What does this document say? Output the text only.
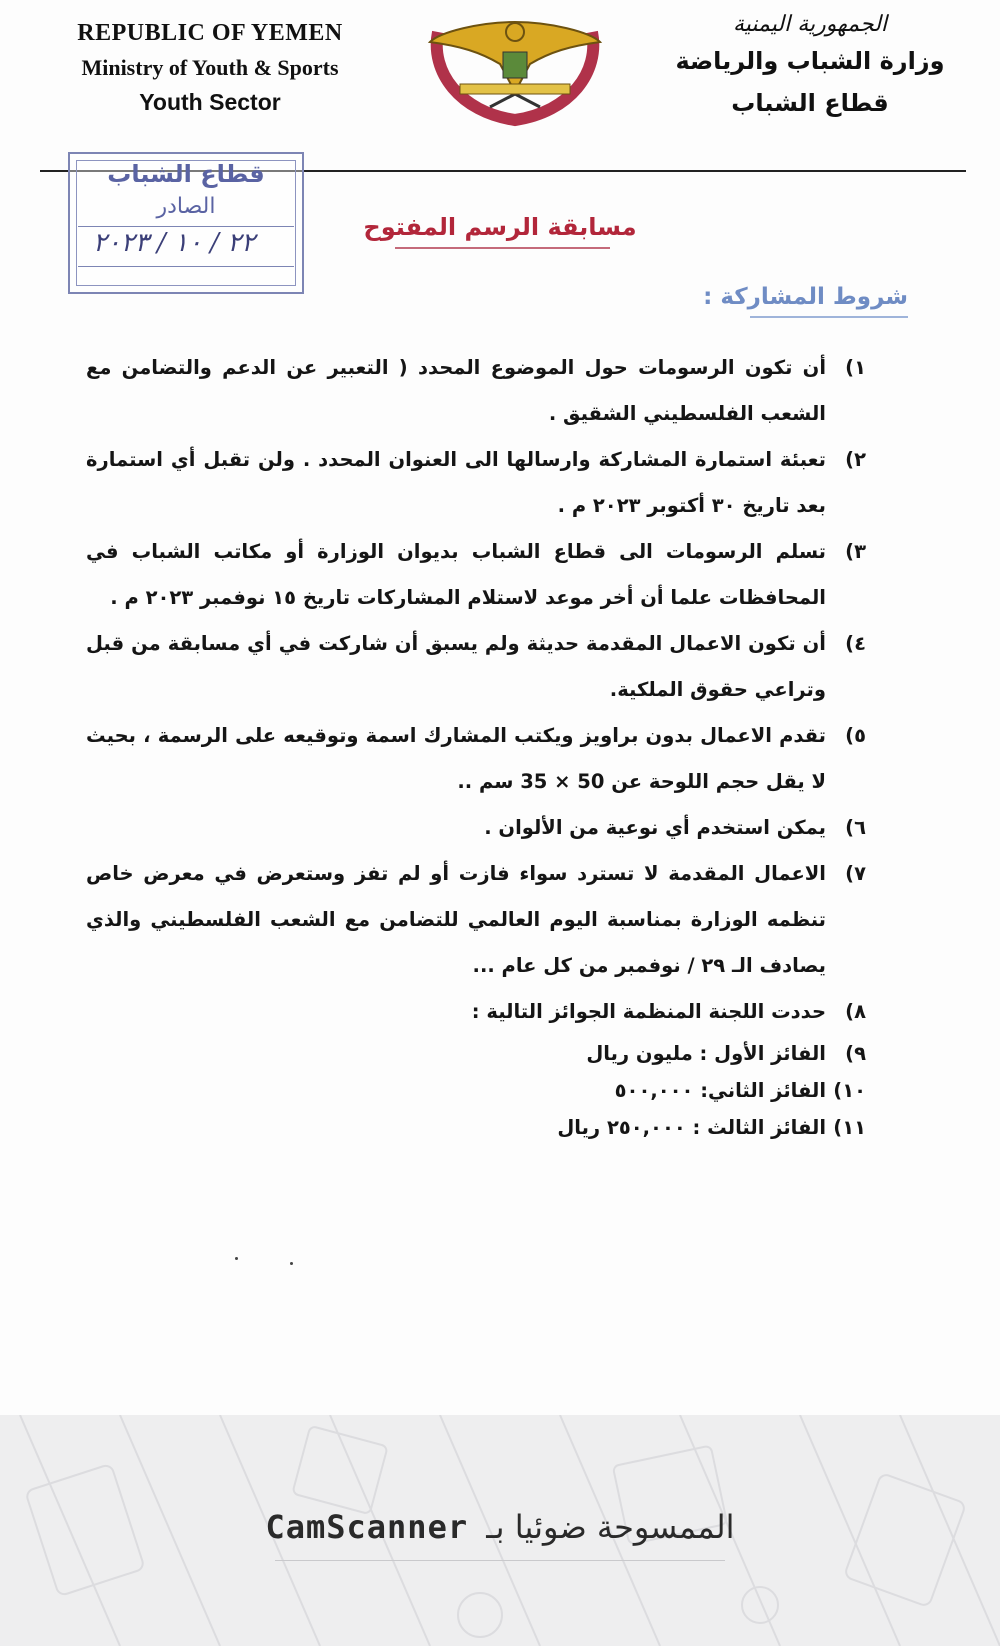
REPUBLIC OF YEMEN
Ministry of Youth & Sports
Youth Sector
الجمهورية اليمنية
وزارة الشباب والرياضة
قطاع الشباب
قطاع الشباب
الصادر
٢٢ / ١٠ / ٢٠٢٣
مسابقة الرسم المفتوح
شروط المشاركة :
١)
أن تكون الرسومات حول الموضوع المحدد ( التعبير عن الدعم والتضامن مع الشعب الفلسطيني الشقيق .
٢)
تعبئة استمارة المشاركة وارسالها الى العنوان المحدد . ولن تقبل أي استمارة بعد تاريخ ٣٠ أكتوبر ٢٠٢٣ م .
٣)
تسلم الرسومات الى قطاع الشباب بديوان الوزارة أو مكاتب الشباب في المحافظات علما أن أخر موعد لاستلام المشاركات تاريخ ١٥ نوفمبر ٢٠٢٣ م .
٤)
أن تكون الاعمال المقدمة حديثة ولم يسبق أن شاركت في أي مسابقة من قبل وتراعي حقوق الملكية.
٥)
تقدم الاعمال بدون براويز ويكتب المشارك اسمة وتوقيعه على الرسمة ، بحيث لا يقل حجم اللوحة عن 50 × 35 سم ..
٦)
يمكن استخدم أي نوعية من الألوان .
٧)
الاعمال المقدمة لا تسترد سواء فازت أو لم تفز وستعرض في معرض خاص تنظمه الوزارة بمناسبة اليوم العالمي للتضامن مع الشعب الفلسطيني والذي يصادف الـ ٢٩ / نوفمبر من كل عام ...
٨)
حددت اللجنة المنظمة الجوائز التالية :
٩)
الفائز الأول : مليون ريال
١٠)
الفائز الثاني: ٥٠٠,٠٠٠
١١)
الفائز الثالث : ٢٥٠,٠٠٠ ريال
CamScanner الممسوحة ضوئيا بـ
